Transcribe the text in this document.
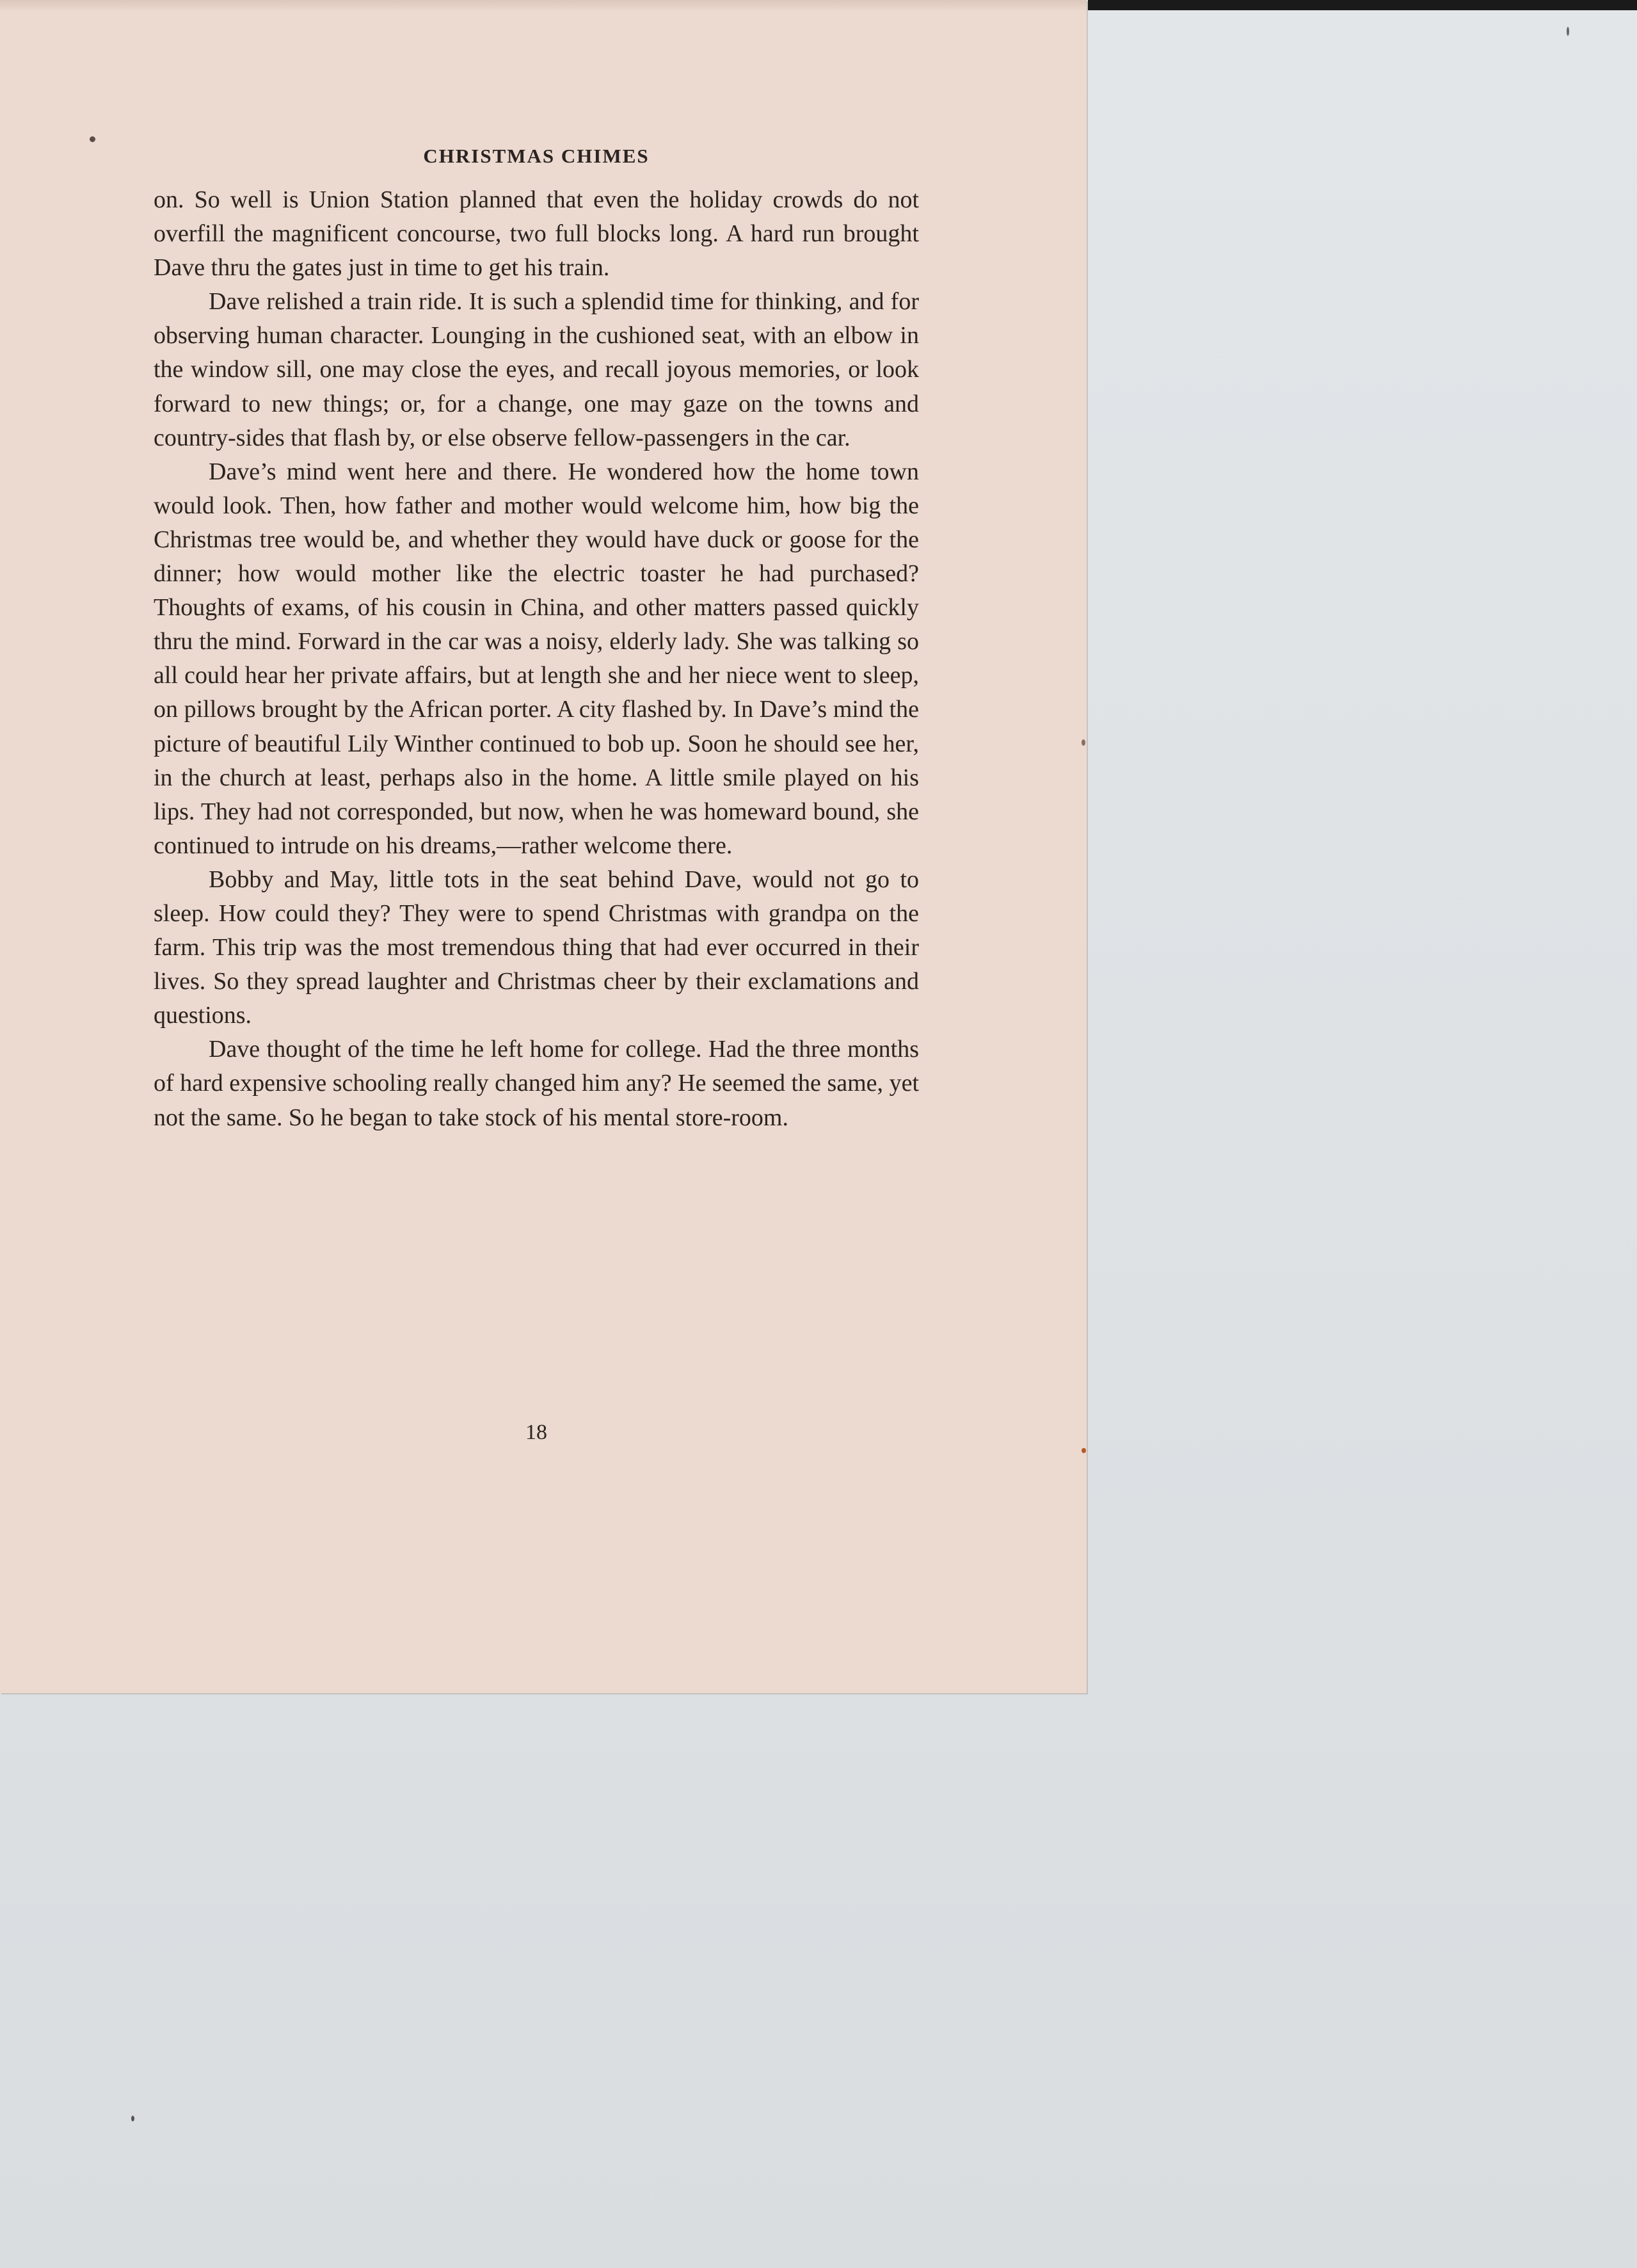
CHRISTMAS CHIMES

on. So well is Union Station planned that even the holiday crowds do not overfill the magnificent concourse, two full blocks long. A hard run brought Dave thru the gates just in time to get his train.

Dave relished a train ride. It is such a splendid time for thinking, and for observing human character. Lounging in the cushioned seat, with an elbow in the window sill, one may close the eyes, and recall joyous memories, or look forward to new things; or, for a change, one may gaze on the towns and country-sides that flash by, or else observe fellow-passengers in the car.

Dave’s mind went here and there. He wondered how the home town would look. Then, how father and mother would welcome him, how big the Christmas tree would be, and whether they would have duck or goose for the dinner; how would mother like the electric toaster he had purchased? Thoughts of exams, of his cousin in China, and other matters passed quickly thru the mind. Forward in the car was a noisy, elderly lady. She was talking so all could hear her private affairs, but at length she and her niece went to sleep, on pillows brought by the African porter. A city flashed by. In Dave’s mind the picture of beautiful Lily Winther continued to bob up. Soon he should see her, in the church at least, perhaps also in the home. A little smile played on his lips. They had not corresponded, but now, when he was homeward bound, she continued to intrude on his dreams,—rather welcome there.

Bobby and May, little tots in the seat behind Dave, would not go to sleep. How could they? They were to spend Christmas with grandpa on the farm. This trip was the most tremendous thing that had ever occurred in their lives. So they spread laughter and Christmas cheer by their exclamations and questions.

Dave thought of the time he left home for college. Had the three months of hard expensive schooling really changed him any? He seemed the same, yet not the same. So he began to take stock of his mental store-room.

18
